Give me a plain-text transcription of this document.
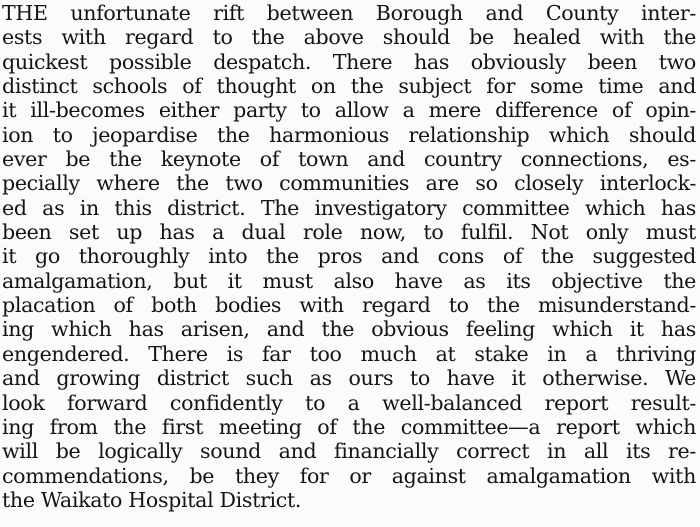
THE unfortunate rift between Borough and County inter-
ests with regard to the above should be healed with the
quickest possible despatch. There has obviously been two
distinct schools of thought on the subject for some time and
it ill-becomes either party to allow a mere difference of opin-
ion to jeopardise the harmonious relationship which should
ever be the keynote of town and country connections, es-
pecially where the two communities are so closely interlock-
ed as in this district. The investigatory committee which has
been set up has a dual role now, to fulfil. Not only must
it go thoroughly into the pros and cons of the suggested
amalgamation, but it must also have as its objective the
placation of both bodies with regard to the misunderstand-
ing which has arisen, and the obvious feeling which it has
engendered. There is far too much at stake in a thriving
and growing district such as ours to have it otherwise. We
look forward confidently to a well-balanced report result-
ing from the first meeting of the committee—a report which
will be logically sound and financially correct in all its re-
commendations, be they for or against amalgamation with
the Waikato Hospital District.
